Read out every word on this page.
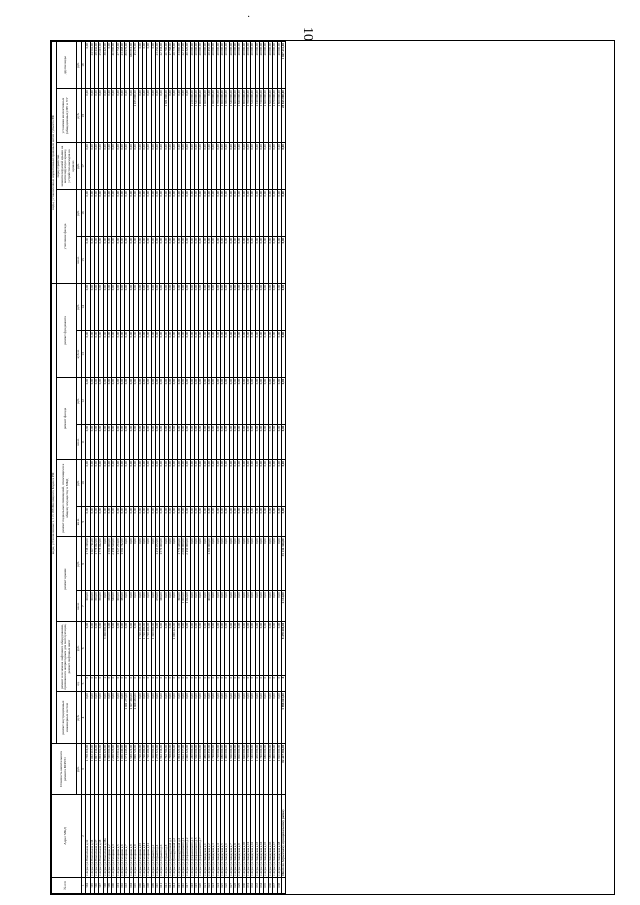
·
10
№ п/п	Адрес МКД	Стоимость капитального ремонта ВСЕГО	виды, установленные ч.1 ст.166 Жилищного Кодекса РФ											виды, установленные нормативным правовым актом субъекта РФ				
			ремонт внутридомовых инженерных систем	ремонт или замена лифтового оборудования, признанного непригодным для эксплуатации, ремонт лифтовых шахт		ремонт крыши		ремонт подвальных помещений, относящихся к общему имуществу в МКД		ремонт фасада		ремонт фундамента		утепление фасада		переустройство невентилируемой крыши на вентилируемую крышу, устройство выходов на кровлю	установка коллективных (общедомовых) ПУ и УУ	другие виды
		руб.	руб.	ед.	руб.	кв.м.	руб.	кв.м.	руб.	кв.м.	руб.	куб.м.	руб.	кв.м.	руб.	руб.	руб.	руб.
1	2	3	4	5	6	7	8	9	10	11	12	13	14	15	16	17	18	19
594	г.Агрыз ул.Вокзальная д.12	1 738 319,00	0,00	0	0,00	360,00	1 738 319,00	0,00	0,00	0,00	0,00	0,00	0,00	0,00	0,00	0,00	0,00	0,00
595	г.Агрыз ул.Вокзальная д.14	1 692 213,00	0,00	0	0,00	360,00	1 667 711,00	0,00	0,00	0,00	0,00	0,00	0,00	0,00	0,00	0,00	0,00	24 502,00
596	г.Агрыз ул.Вокзальная д.17	1 807 134,00	0,00	0	0,00	356,00	1 778 692,00	0,00	0,00	0,00	0,00	0,00	0,00	0,00	0,00	0,00	0,00	28 442,00
597	г.Агрыз ул.Вокзальная д.18	1 804 302,00	0,00	0	0,00	356,00	1 778 692,00	0,00	0,00	0,00	0,00	0,00	0,00	0,00	0,00	0,00	0,00	25 610,00
598	г.Агрыз ул.Вокзальная д.18а	3 399 420,00	0,00	2	3 360 000,00	0,00	0,00	0,00	0,00	0,00	0,00	0,00	0,00	0,00	0,00	0,00	0,00	39 420,00
599	г.Агрыз ул.Гагарина д.2	1 500 000,00	0,00	0	0,00	330,00	1 500 000,00	0,00	0,00	0,00	0,00	0,00	0,00	0,00	0,00	0,00	0,00	0,00
600	г.Агрыз ул.Гагарина д.3	2 200 520,00	0,00	0	0,00	540,00	2 159 520,00	0,00	0,00	0,00	0,00	0,00	0,00	0,00	0,00	0,00	0,00	41 000,00
601	г.Агрыз ул.Гагарина д.5	1 555 012,00	0,00	0	0,00	360,00	1 527 254,00	0,00	0,00	0,00	0,00	0,00	0,00	0,00	0,00	0,00	0,00	27 758,00
602	г.Агрыз ул.Гагарина д.6	1 606 240,00	0,00	0	0,00	380,00	1 582 742,00	0,00	0,00	0,00	0,00	0,00	0,00	0,00	0,00	0,00	0,00	23 498,00
603	г.Агрыз ул.Гагарина д.7	1 571 245,00	1 481 275,00	0	0,00	0,00	0,00	0,00	0,00	0,00	0,00	0,00	0,00	0,00	0,00	0,00	0,00	89 970,00
604	г.Агрыз ул.Гагарина д.8	1 548 221,00	1 367 360,00	0	0,00	0,00	0,00	0,00	0,00	0,00	0,00	0,00	0,00	0,00	0,00	0,00	0,00	180 861,00
605	г.Агрыз ул.Гагарина д.9	2 899 720,00	1 699 450,00	0	0,00	0,00	0,00	0,00	0,00	0,00	0,00	0,00	0,00	0,00	0,00	0,00	1 185 000,00	15 270,00
606	г.Агрыз ул.Гагарина д.10	1 720 200,00	0,00	0	1 720 200,00	0,00	0,00	0,00	0,00	0,00	0,00	0,00	0,00	0,00	0,00	0,00	0,00	0,00
607	г.Агрыз ул.Гагарина д.11	1 720 200,00	0,00	0	1 720 200,00	0,00	0,00	0,00	0,00	0,00	0,00	0,00	0,00	0,00	0,00	0,00	0,00	0,00
608	г.Агрыз ул.Гагарина д.12	1 720 200,00	0,00	0	1 720 200,00	0,00	0,00	0,00	0,00	0,00	0,00	0,00	0,00	0,00	0,00	0,00	0,00	0,00
609	г.Агрыз ул.Горького д.2	1 320 000,00	0,00	0	1 320 000,00	0,00	0,00	0,00	0,00	0,00	0,00	0,00	0,00	0,00	0,00	0,00	0,00	0,00
610	г.Агрыз ул.Горького д.4	1 278 322,00	0,00	0	0,00	470,00	1 255 072,00	0,00	0,00	0,00	0,00	0,00	0,00	0,00	0,00	0,00	0,00	23 250,00
611	г.Агрыз ул.Горького д.6	1 592 134,00	0,00	0	0,00	340,00	1 570 000,00	0,00	0,00	0,00	0,00	0,00	0,00	0,00	0,00	0,00	0,00	22 134,00
612	г.Агрыз ул.Горького д.8	1 702 700,00	0,00	0	0,00	0,00	0,00	0,00	0,00	0,00	0,00	0,00	0,00	0,00	0,00	0,00	1 681 000,00	21 700,00
613	г.Агрыз ул.Гризодубовой д.1	1 708 010,00	0,00	0	0,00	0,00	0,00	0,00	0,00	0,00	0,00	0,00	0,00	0,00	0,00	0,00	0,00	17 788,00
614	г.Агрыз ул.Гризодубовой д.2	1 720 000,00	0,00	0	1 690 222,00	0,00	0,00	0,00	0,00	0,00	0,00	0,00	0,00	0,00	0,00	0,00	0,00	29 778,00
615	г.Агрыз ул.Гризодубовой д.4	1 804 320,00	0,00	0	0,00	390,00	1 770 430,00	0,00	0,00	0,00	0,00	0,00	0,00	0,00	0,00	0,00	0,00	33 890,00
616	г.Агрыз ул.Дзержинского д.1	2 622 137,00	0,00	0	0,00	1 060,00	2 600 000,00	0,00	0,00	0,00	0,00	0,00	0,00	0,00	0,00	0,00	0,00	22 137,00
617	г.Агрыз ул.Дзержинского д.2	2 190 320,00	0,00	0	0,00	1 022,00	2 150 000,00	0,00	0,00	0,00	0,00	0,00	0,00	0,00	0,00	0,00	0,00	40 320,00
618	г.Агрыз ул.Дзержинского д.3	1 240 000,00	0,00	0	0,00	0,00	0,00	0,00	0,00	0,00	0,00	0,00	0,00	0,00	0,00	0,00	1 220 000,00	20 000,00
619	г.Агрыз ул.Дзержинского д.5	1 560 000,00	0,00	0	0,00	0,00	0,00	0,00	0,00	0,00	0,00	0,00	0,00	0,00	0,00	0,00	1 540 000,00	20 000,00
620	г.Агрыз ул.Дзержинского д.7	1 020 000,00	0,00	0	0,00	0,00	0,00	0,00	0,00	0,00	0,00	0,00	0,00	0,00	0,00	0,00	1 000 000,00	20 000,00
621	г.Агрыз ул.Заводская д.1	1 480 000,00	0,00	0	0,00	0,00	0,00	0,00	0,00	0,00	0,00	0,00	0,00	0,00	0,00	0,00	1 460 000,00	20 000,00
622	г.Агрыз ул.Заводская д.2	1 320 450,00	0,00	0	0,00	400,00	1 300 000,00	0,00	0,00	0,00	0,00	0,00	0,00	0,00	0,00	0,00	0,00	20 450,00
623	г.Агрыз ул.Заводская д.3	1 710 000,00	0,00	0	0,00	0,00	0,00	0,00	0,00	0,00	0,00	0,00	0,00	0,00	0,00	0,00	1 690 000,00	20 000,00
624	г.Агрыз ул.Заводская д.4	1 720 000,00	0,00	0	0,00	0,00	0,00	0,00	0,00	0,00	0,00	0,00	0,00	0,00	0,00	0,00	1 700 000,00	20 000,00
625	г.Агрыз ул.Заводская д.5	1 080 000,00	0,00	0	0,00	0,00	0,00	0,00	0,00	0,00	0,00	0,00	0,00	0,00	0,00	0,00	1 060 000,00	20 000,00
626	г.Агрыз ул.Заводская д.6	1 400 000,00	0,00	0	0,00	0,00	0,00	0,00	0,00	0,00	0,00	0,00	0,00	0,00	0,00	0,00	1 380 000,00	20 000,00
627	г.Агрыз ул.Заводская д.7	1 560 000,00	0,00	0	0,00	0,00	0,00	0,00	0,00	0,00	0,00	0,00	0,00	0,00	0,00	0,00	1 540 000,00	20 000,00
628	г.Агрыз ул.Заводская д.8	1 620 000,00	0,00	0	0,00	0,00	0,00	0,00	0,00	0,00	0,00	0,00	0,00	0,00	0,00	0,00	1 600 000,00	20 000,00
629	г.Агрыз ул.Заводская д.9	1 860 000,00	0,00	0	0,00	0,00	0,00	0,00	0,00	0,00	0,00	0,00	0,00	0,00	0,00	0,00	1 840 000,00	20 000,00
630	г.Агрыз ул.Заводская д.10	1 920 000,00	0,00	0	0,00	0,00	0,00	0,00	0,00	0,00	0,00	0,00	0,00	0,00	0,00	0,00	1 900 000,00	20 000,00
631	г.Агрыз ул.Заводская д.11	1 720 000,00	0,00	0	0,00	0,00	0,00	0,00	0,00	0,00	0,00	0,00	0,00	0,00	0,00	0,00	1 700 000,00	20 000,00
632	г.Агрыз ул.Заводская д.12	1 540 000,00	0,00	0	0,00	0,00	0,00	0,00	0,00	0,00	0,00	0,00	0,00	0,00	0,00	0,00	1 520 000,00	20 000,00
633	г.Агрыз ул.Заводская д.13	1 430 000,00	0,00	0	0,00	0,00	0,00	0,00	0,00	0,00	0,00	0,00	0,00	0,00	0,00	0,00	1 410 000,00	20 000,00
634	г.Агрыз ул.Заводская д.14	1 740 000,00	0,00	0	0,00	0,00	0,00	0,00	0,00	0,00	0,00	0,00	0,00	0,00	0,00	0,00	1 720 000,00	20 000,00
635	г.Агрыз ул.Заводская д.15	1 680 000,00	0,00	0	0,00	0,00	0,00	0,00	0,00	0,00	0,00	0,00	0,00	0,00	0,00	0,00	1 660 000,00	20 000,00
636	г.Агрыз ул.Заводская д.16	1 580 000,00	0,00	0	0,00	0,00	0,00	0,00	0,00	0,00	0,00	0,00	0,00	0,00	0,00	0,00	1 560 000,00	20 000,00
637	г.Агрыз ул.Заводская д.17	1 490 000,00	0,00	0	0,00	0,00	0,00	0,00	0,00	0,00	0,00	0,00	0,00	0,00	0,00	0,00	1 470 000,00	20 000,00
638	г.Агрыз ул.Заводская д.18	1 820 000,00	0,00	0	0,00	0,00	0,00	0,00	0,00	0,00	0,00	0,00	0,00	0,00	0,00	0,00	1 800 000,00	20 000,00
	Итого по Агрызскому муниципальному району	82 447 306,00	5 998 045,00	8	8 470 600,00	6 134,00	35 134 346,00	0,00	0,00	0,00	0,00	0,00	0,00	0,00	0,00	0,00	28 945 000,00	1 047 431,00
